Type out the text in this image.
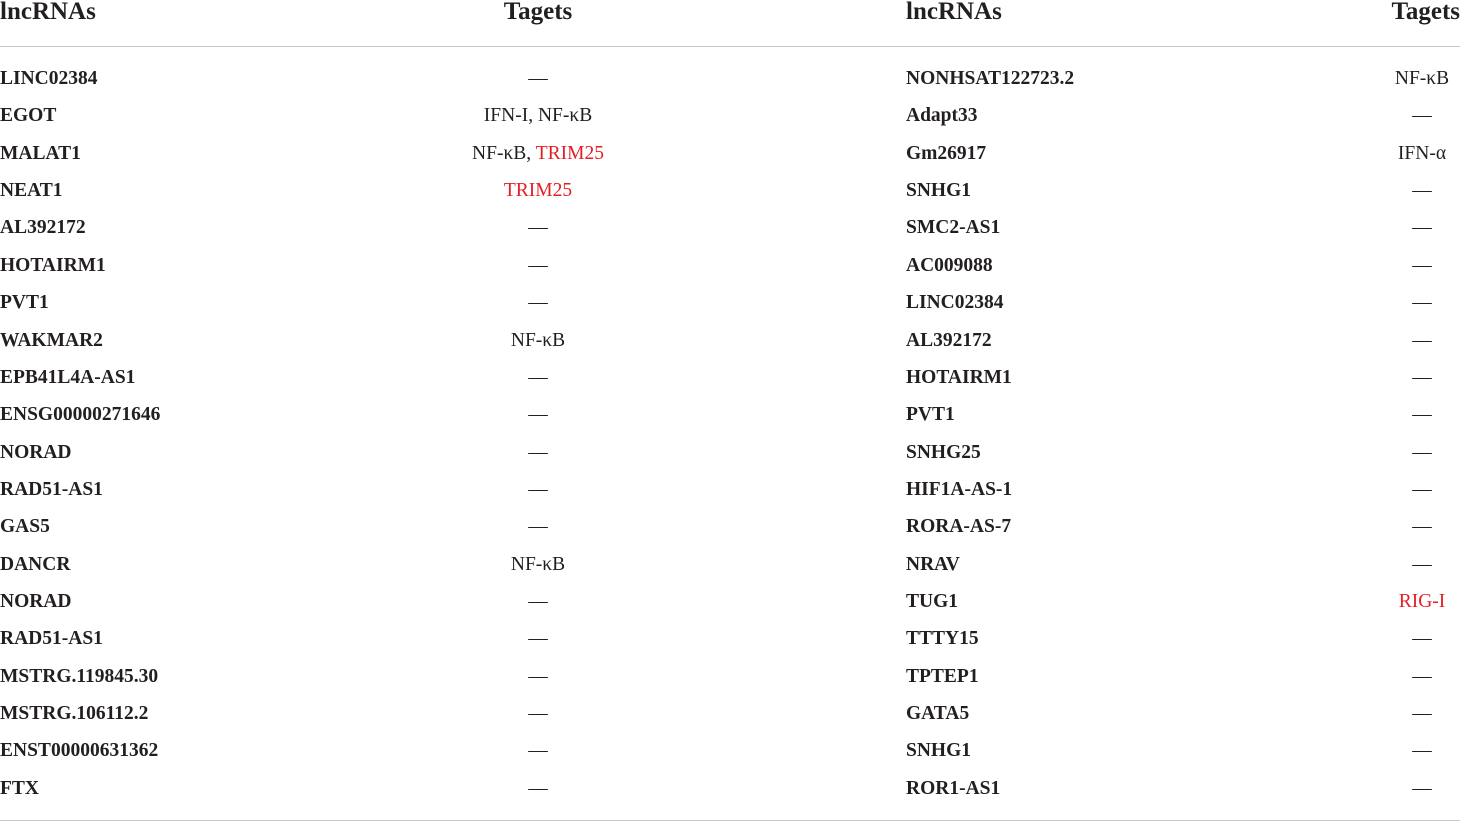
lncRNAs	Tagets	lncRNAs	Tagets
LINC02384	—	NONHSAT122723.2	NF-κB
EGOT	IFN-I, NF-κB	Adapt33	—
MALAT1	NF-κB, TRIM25	Gm26917	IFN-α
NEAT1	TRIM25	SNHG1	—
AL392172	—	SMC2-AS1	—
HOTAIRM1	—	AC009088	—
PVT1	—	LINC02384	—
WAKMAR2	NF-κB	AL392172	—
EPB41L4A-AS1	—	HOTAIRM1	—
ENSG00000271646	—	PVT1	—
NORAD	—	SNHG25	—
RAD51-AS1	—	HIF1A-AS-1	—
GAS5	—	RORA-AS-7	—
DANCR	NF-κB	NRAV	—
NORAD	—	TUG1	RIG-I
RAD51-AS1	—	TTTY15	—
MSTRG.119845.30	—	TPTEP1	—
MSTRG.106112.2	—	GATA5	—
ENST00000631362	—	SNHG1	—
FTX	—	ROR1-AS1	—
